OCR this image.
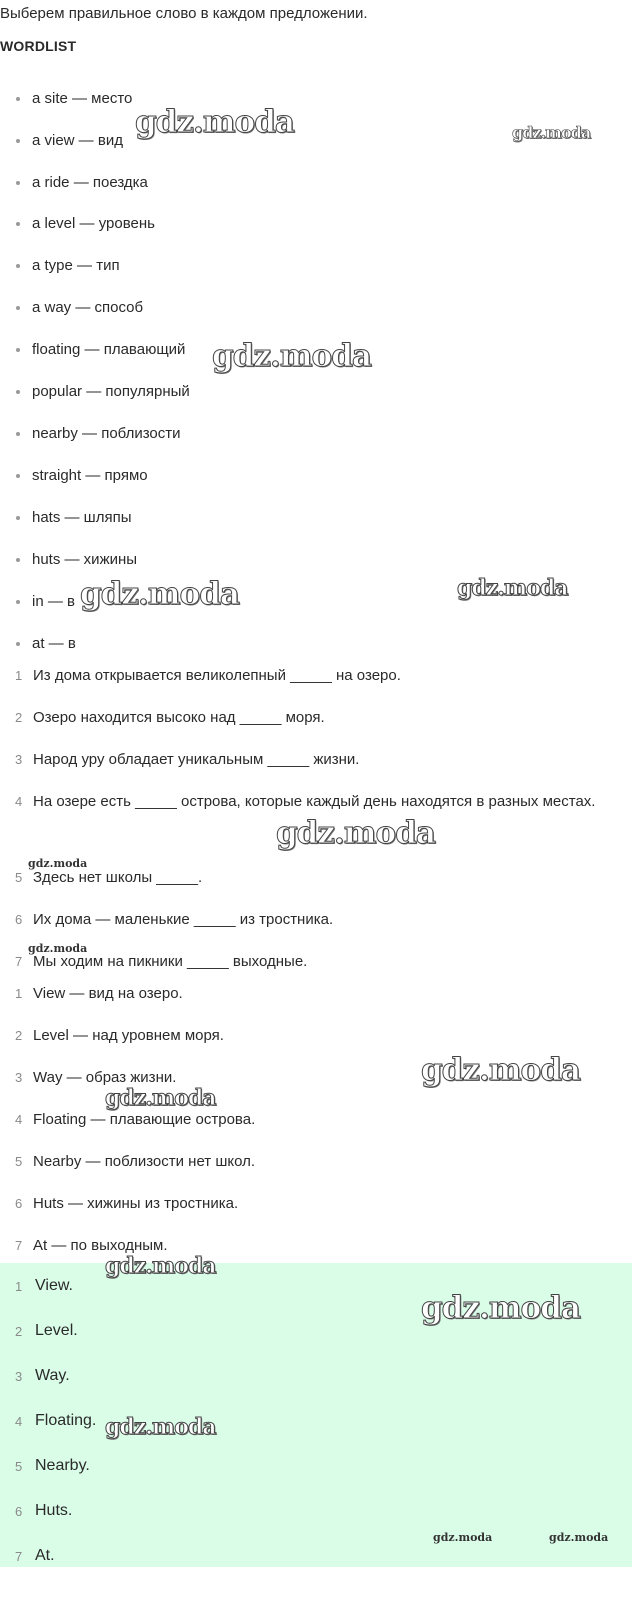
Выберем правильное слово в каждом предложении.
WORDLIST
a site — место
a view — вид
a ride — поездка
a level — уровень
a type — тип
a way — способ
floating — плавающий
popular — популярный
nearby — поблизости
straight — прямо
hats — шляпы
huts — хижины
in — в
at — в
1 Из дома открывается великолепный _____ на озеро.
2 Озеро находится высоко над _____ моря.
3 Народ уру обладает уникальным _____ жизни.
4 На озере есть _____ острова, которые каждый день находятся в разных местах.
5 Здесь нет школы _____.
6 Их дома — маленькие _____ из тростника.
7 Мы ходим на пикники _____ выходные.
1 View — вид на озеро.
2 Level — над уровнем моря.
3 Way — образ жизни.
4 Floating — плавающие острова.
5 Nearby — поблизости нет школ.
6 Huts — хижины из тростника.
7 At — по выходным.
1 View.
2 Level.
3 Way.
4 Floating.
5 Nearby.
6 Huts.
7 At.
gdz.moda	gdz.moda
gdz.moda
gdz.moda	gdz.moda
gdz.moda
gdz.moda
gdz.moda
gdz.moda
gdz.moda
gdz.moda
gdz.moda
gdz.moda
gdz.moda	gdz.moda
